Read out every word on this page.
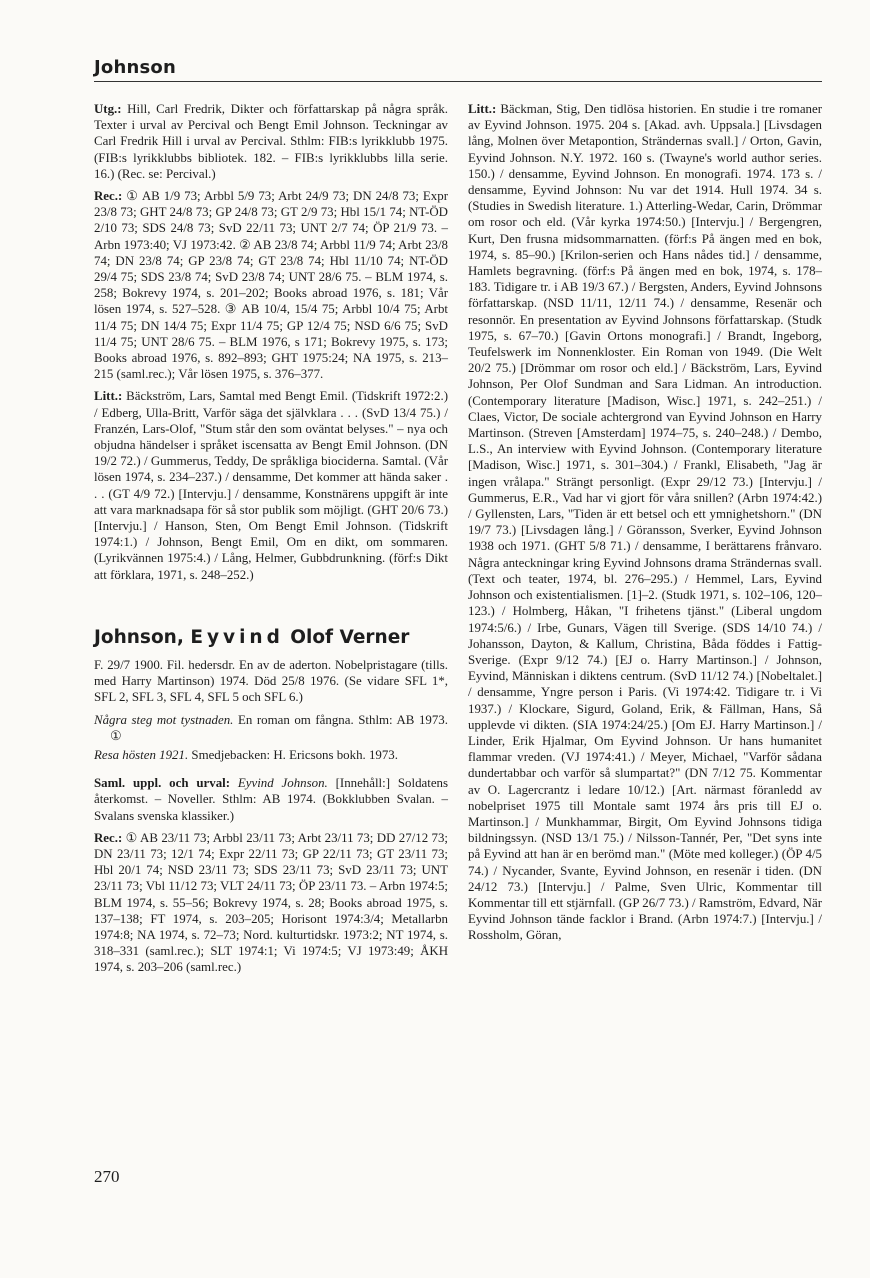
Johnson

Utg.: Hill, Carl Fredrik, Dikter och författarskap på några språk. Texter i urval av Percival och Bengt Emil Johnson. Teckningar av Carl Fredrik Hill i urval av Percival. Sthlm: FIB:s lyrikklubb 1975. (FIB:s lyrikklubbs bibliotek. 182. – FIB:s lyrikklubbs lilla serie. 16.) (Rec. se: Percival.)

Rec.: ① AB 1/9 73; Arbbl 5/9 73; Arbt 24/9 73; DN 24/8 73; Expr 23/8 73; GHT 24/8 73; GP 24/8 73; GT 2/9 73; Hbl 15/1 74; NT-ÖD 2/10 73; SDS 24/8 73; SvD 22/11 73; UNT 2/7 74; ÖP 21/9 73. – Arbn 1973:40; VJ 1973:42. ② AB 23/8 74; Arbbl 11/9 74; Arbt 23/8 74; DN 23/8 74; GP 23/8 74; GT 23/8 74; Hbl 11/10 74; NT-ÖD 29/4 75; SDS 23/8 74; SvD 23/8 74; UNT 28/6 75. – BLM 1974, s. 258; Bokrevy 1974, s. 201–202; Books abroad 1976, s. 181; Vår lösen 1974, s. 527–528. ③ AB 10/4, 15/4 75; Arbbl 10/4 75; Arbt 11/4 75; DN 14/4 75; Expr 11/4 75; GP 12/4 75; NSD 6/6 75; SvD 11/4 75; UNT 28/6 75. – BLM 1976, s 171; Bokrevy 1975, s. 173; Books abroad 1976, s. 892–893; GHT 1975:24; NA 1975, s. 213–215 (saml.rec.); Vår lösen 1975, s. 376–377.

Litt.: Bäckström, Lars, Samtal med Bengt Emil. (Tidskrift 1972:2.) / Edberg, Ulla-Britt, Varför säga det självklara . . . (SvD 13/4 75.) / Franzén, Lars-Olof, "Stum står den som oväntat belyses." – nya och objudna händelser i språket iscensatta av Bengt Emil Johnson. (DN 19/2 72.) / Gummerus, Teddy, De språkliga biociderna. Samtal. (Vår lösen 1974, s. 234–237.) / densamme, Det kommer att hända saker . . . (GT 4/9 72.) [Intervju.] / densamme, Konstnärens uppgift är inte att vara marknadsapa för så stor publik som möjligt. (GHT 20/6 73.) [Intervju.] / Hanson, Sten, Om Bengt Emil Johnson. (Tidskrift 1974:1.) / Johnson, Bengt Emil, Om en dikt, om sommaren. (Lyrikvännen 1975:4.) / Lång, Helmer, Gubbdrunkning. (förf:s Dikt att förklara, 1971, s. 248–252.)

Johnson, Eyvind Olof Verner

F. 29/7 1900. Fil. hedersdr. En av de aderton. Nobelpristagare (tills. med Harry Martinson) 1974. Död 25/8 1976. (Se vidare SFL 1*, SFL 2, SFL 3, SFL 4, SFL 5 och SFL 6.)

Några steg mot tystnaden. En roman om fångna. Sthlm: AB 1973. ①

Resa hösten 1921. Smedjebacken: H. Ericsons bokh. 1973.

Saml. uppl. och urval: Eyvind Johnson. [Innehåll:] Soldatens återkomst. – Noveller. Sthlm: AB 1974. (Bokklubben Svalan. – Svalans svenska klassiker.)

Rec.: ① AB 23/11 73; Arbbl 23/11 73; Arbt 23/11 73; DD 27/12 73; DN 23/11 73; 12/1 74; Expr 22/11 73; GP 22/11 73; GT 23/11 73; Hbl 20/1 74; NSD 23/11 73; SDS 23/11 73; SvD 23/11 73; UNT 23/11 73; Vbl 11/12 73; VLT 24/11 73; ÖP 23/11 73. – Arbn 1974:5; BLM 1974, s. 55–56; Bokrevy 1974, s. 28; Books abroad 1975, s. 137–138; FT 1974, s. 203–205; Horisont 1974:3/4; Metallarbn 1974:8; NA 1974, s. 72–73; Nord. kulturtidskr. 1973:2; NT 1974, s. 318–331 (saml.rec.); SLT 1974:1; Vi 1974:5; VJ 1973:49; ÅKH 1974, s. 203–206 (saml.rec.)

Litt.: Bäckman, Stig, Den tidlösa historien. En studie i tre romaner av Eyvind Johnson. 1975. 204 s. [Akad. avh. Uppsala.] [Livsdagen lång, Molnen över Metapontion, Strändernas svall.] / Orton, Gavin, Eyvind Johnson. N.Y. 1972. 160 s. (Twayne's world author series. 150.) / densamme, Eyvind Johnson. En monografi. 1974. 173 s. / densamme, Eyvind Johnson: Nu var det 1914. Hull 1974. 34 s. (Studies in Swedish literature. 1.) Atterling-Wedar, Carin, Drömmar om rosor och eld. (Vår kyrka 1974:50.) [Intervju.] / Bergengren, Kurt, Den frusna midsommarnatten. (förf:s På ängen med en bok, 1974, s. 85–90.) [Krilon-serien och Hans nådes tid.] / densamme, Hamlets begravning. (förf:s På ängen med en bok, 1974, s. 178–183. Tidigare tr. i AB 19/3 67.) / Bergsten, Anders, Eyvind Johnsons författarskap. (NSD 11/11, 12/11 74.) / densamme, Resenär och resonnör. En presentation av Eyvind Johnsons författarskap. (Studk 1975, s. 67–70.) [Gavin Ortons monografi.] / Brandt, Ingeborg, Teufelswerk im Nonnenkloster. Ein Roman von 1949. (Die Welt 20/2 75.) [Drömmar om rosor och eld.] / Bäckström, Lars, Eyvind Johnson, Per Olof Sundman and Sara Lidman. An introduction. (Contemporary literature [Madison, Wisc.] 1971, s. 242–251.) / Claes, Victor, De sociale achtergrond van Eyvind Johnson en Harry Martinson. (Streven [Amsterdam] 1974–75, s. 240–248.) / Dembo, L.S., An interview with Eyvind Johnson. (Contemporary literature [Madison, Wisc.] 1971, s. 301–304.) / Frankl, Elisabeth, "Jag är ingen vrålapa." Strängt personligt. (Expr 29/12 73.) [Intervju.] / Gummerus, E.R., Vad har vi gjort för våra snillen? (Arbn 1974:42.) / Gyllensten, Lars, "Tiden är ett betsel och ett ymnighetshorn." (DN 19/7 73.) [Livsdagen lång.] / Göransson, Sverker, Eyvind Johnson 1938 och 1971. (GHT 5/8 71.) / densamme, I berättarens frånvaro. Några anteckningar kring Eyvind Johnsons drama Strändernas svall. (Text och teater, 1974, bl. 276–295.) / Hemmel, Lars, Eyvind Johnson och existentialismen. [1]–2. (Studk 1971, s. 102–106, 120–123.) / Holmberg, Håkan, "I frihetens tjänst." (Liberal ungdom 1974:5/6.) / Irbe, Gunars, Vägen till Sverige. (SDS 14/10 74.) / Johansson, Dayton, & Kallum, Christina, Båda föddes i Fattig-Sverige. (Expr 9/12 74.) [EJ o. Harry Martinson.] / Johnson, Eyvind, Människan i diktens centrum. (SvD 11/12 74.) [Nobeltalet.] / densamme, Yngre person i Paris. (Vi 1974:42. Tidigare tr. i Vi 1937.) / Klockare, Sigurd, Goland, Erik, & Fällman, Hans, Så upplevde vi dikten. (SIA 1974:24/25.) [Om EJ. Harry Martinson.] / Linder, Erik Hjalmar, Om Eyvind Johnson. Ur hans humanitet flammar vreden. (VJ 1974:41.) / Meyer, Michael, "Varför sådana dundertabbar och varför så slumpartat?" (DN 7/12 75. Kommentar av O. Lagercrantz i ledare 10/12.) [Art. närmast föranledd av nobelpriset 1975 till Montale samt 1974 års pris till EJ o. Martinson.] / Munkhammar, Birgit, Om Eyvind Johnsons tidiga bildningssyn. (NSD 13/1 75.) / Nilsson-Tannér, Per, "Det syns inte på Eyvind att han är en berömd man." (Möte med kolleger.) (ÖP 4/5 74.) / Nycander, Svante, Eyvind Johnson, en resenär i tiden. (DN 24/12 73.) [Intervju.] / Palme, Sven Ulric, Kommentar till Kommentar till ett stjärnfall. (GP 26/7 73.) / Ramström, Edvard, När Eyvind Johnson tände facklor i Brand. (Arbn 1974:7.) [Intervju.] / Rossholm, Göran,

270
